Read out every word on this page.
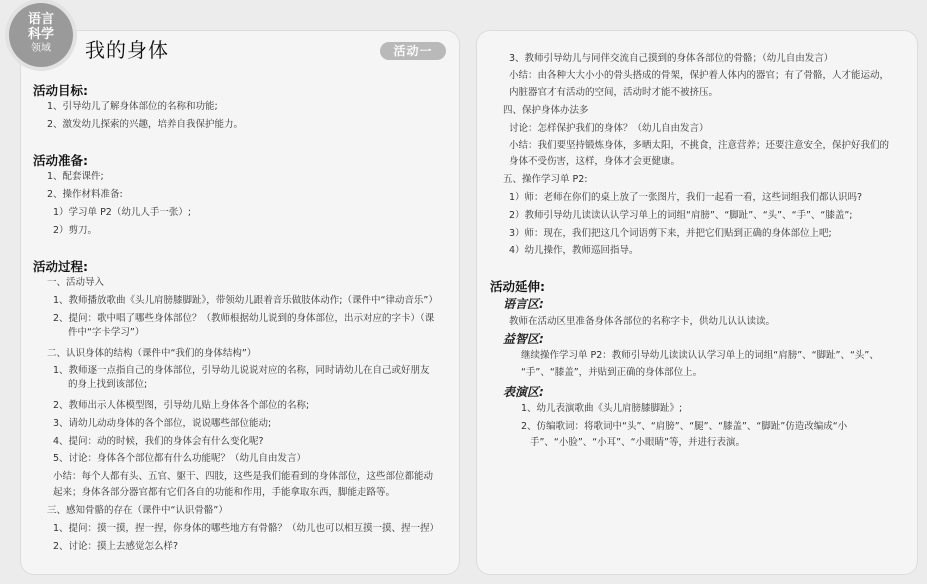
语言
科学
领域	我的身体	活动一
活动目标:
1、引导幼儿了解身体部位的名称和功能;
2、激发幼儿探索的兴趣，培养自我保护能力。
活动准备:
1、配套课件;
2、操作材料准备:
1）学习单 P2（幼儿人手一张）;
2）剪刀。
活动过程:
一、活动导入
1、教师播放歌曲《头儿肩膀膝脚趾》，带领幼儿跟着音乐做肢体动作;（课件中“律动音乐”）
2、提问：歌中唱了哪些身体部位？（教师根据幼儿说到的身体部位，出示对应的字卡）（课
件中“字卡学习”）
二、认识身体的结构（课件中“我们的身体结构”）
1、教师逐一点指自己的身体部位，引导幼儿说说对应的名称，同时请幼儿在自己或好朋友
的身上找到该部位;
2、教师出示人体模型图，引导幼儿贴上身体各个部位的名称;
3、请幼儿动动身体的各个部位，说说哪些部位能动;
4、提问：动的时候，我们的身体会有什么变化呢?
5、讨论：身体各个部位都有什么功能呢？（幼儿自由发言）
小结：每个人都有头、五官、躯干、四肢，这些是我们能看到的身体部位，这些部位都能动
起来；身体各部分器官都有它们各自的功能和作用，手能拿取东西，脚能走路等。
三、感知骨骼的存在（课件中“认识骨骼”）
1、提问：摸一摸，捏一捏，你身体的哪些地方有骨骼？（幼儿也可以相互摸一摸、捏一捏）
2、讨论：摸上去感觉怎么样?
3、教师引导幼儿与同伴交流自己摸到的身体各部位的骨骼；（幼儿自由发言）
小结：由各种大大小小的骨头搭成的骨架，保护着人体内的器官；有了骨骼，人才能运动，
内脏器官才有活动的空间，活动时才能不被挤压。
四、保护身体办法多
讨论：怎样保护我们的身体？（幼儿自由发言）
小结：我们要坚持锻炼身体，多晒太阳，不挑食，注意营养；还要注意安全，保护好我们的
身体不受伤害，这样，身体才会更健康。
五、操作学习单 P2:
1）师：老师在你们的桌上放了一张图片，我们一起看一看，这些词组我们都认识吗?
2）教师引导幼儿读读认认学习单上的词组“肩膀”、“脚趾”、“头”、“手”、“膝盖”;
3）师：现在，我们把这几个词语剪下来，并把它们贴到正确的身体部位上吧;
4）幼儿操作，教师巡回指导。
活动延伸:
语言区:
教师在活动区里准备身体各部位的名称字卡，供幼儿认认读读。
益智区:
继续操作学习单 P2：教师引导幼儿读读认认学习单上的词组“肩膀”、“脚趾”、“头”、
“手”、“膝盖”，并贴到正确的身体部位上。
表演区:
1、幼儿表演歌曲《头儿肩膀膝脚趾》;
2、仿编歌词：将歌词中“头”、“肩膀”、“腿”、“膝盖”、“脚趾”仿造改编成“小
手”、“小脸”、“小耳”、“小眼睛”等，并进行表演。
